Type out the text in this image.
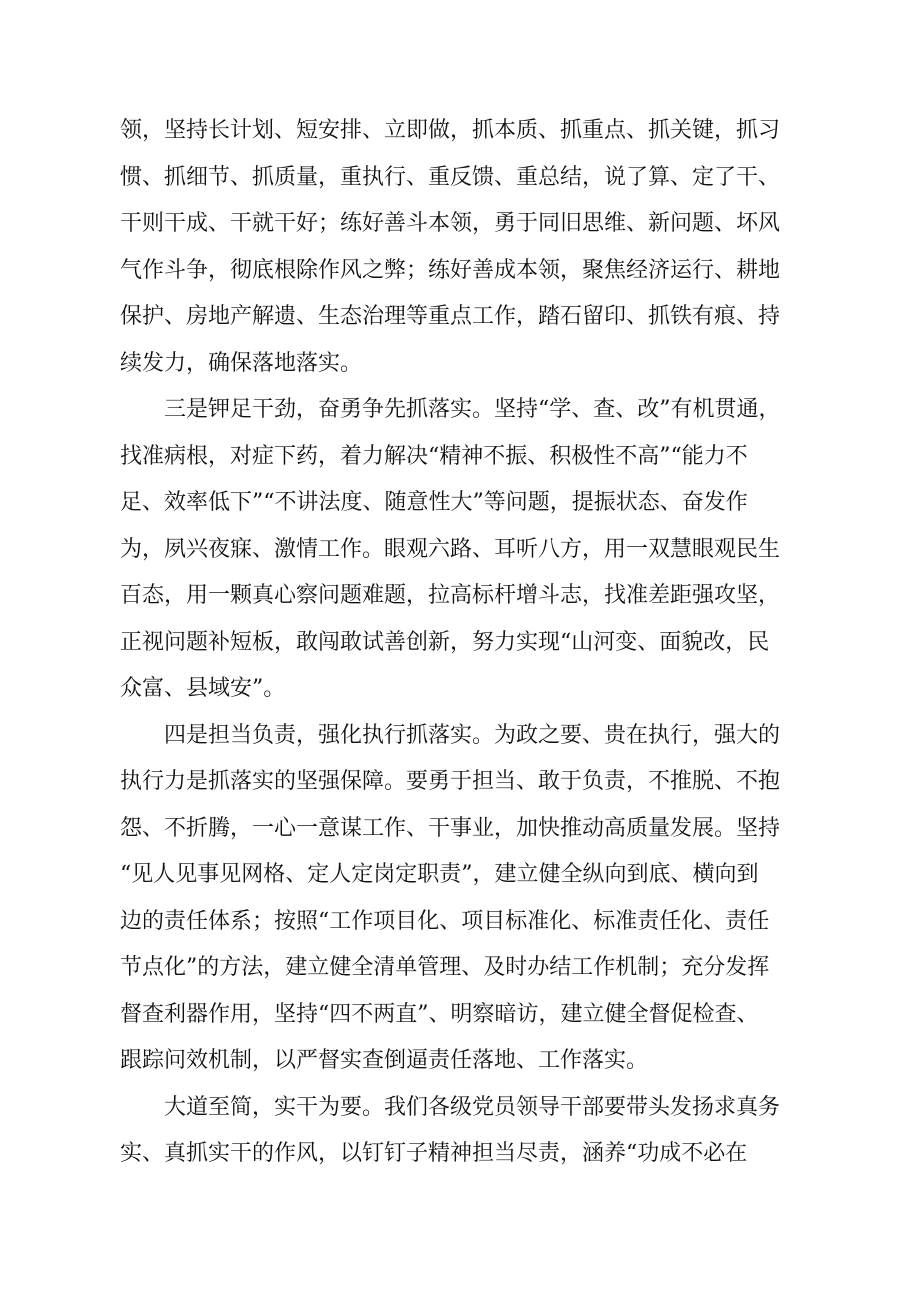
领，坚持长计划、短安排、立即做，抓本质、抓重点、抓关键，抓习
惯、抓细节、抓质量，重执行、重反馈、重总结，说了算、定了干、
干则干成、干就干好；练好善斗本领，勇于同旧思维、新问题、坏风
气作斗争，彻底根除作风之弊；练好善成本领，聚焦经济运行、耕地
保护、房地产解遗、生态治理等重点工作，踏石留印、抓铁有痕、持
续发力，确保落地落实。
　　三是钾足干劲，奋勇争先抓落实。坚持“学、查、改”有机贯通，
找准病根，对症下药，着力解决“精神不振、积极性不高”“能力不
足、效率低下”“不讲法度、随意性大”等问题，提振状态、奋发作
为，夙兴夜寐、激情工作。眼观六路、耳听八方，用一双慧眼观民生
百态，用一颗真心察问题难题，拉高标杆增斗志，找准差距强攻坚，
正视问题补短板，敢闯敢试善创新，努力实现“山河变、面貌改，民
众富、县域安”。
　　四是担当负责，强化执行抓落实。为政之要、贵在执行，强大的
执行力是抓落实的坚强保障。要勇于担当、敢于负责，不推脱、不抱
怨、不折腾，一心一意谋工作、干事业，加快推动高质量发展。坚持
“见人见事见网格、定人定岗定职责”，建立健全纵向到底、横向到
边的责任体系；按照“工作项目化、项目标准化、标准责任化、责任
节点化”的方法，建立健全清单管理、及时办结工作机制；充分发挥
督查利器作用，坚持“四不两直”、明察暗访，建立健全督促检查、
跟踪问效机制，以严督实查倒逼责任落地、工作落实。
　　大道至简，实干为要。我们各级党员领导干部要带头发扬求真务
实、真抓实干的作风，以钉钉子精神担当尽责，涵养“功成不必在
